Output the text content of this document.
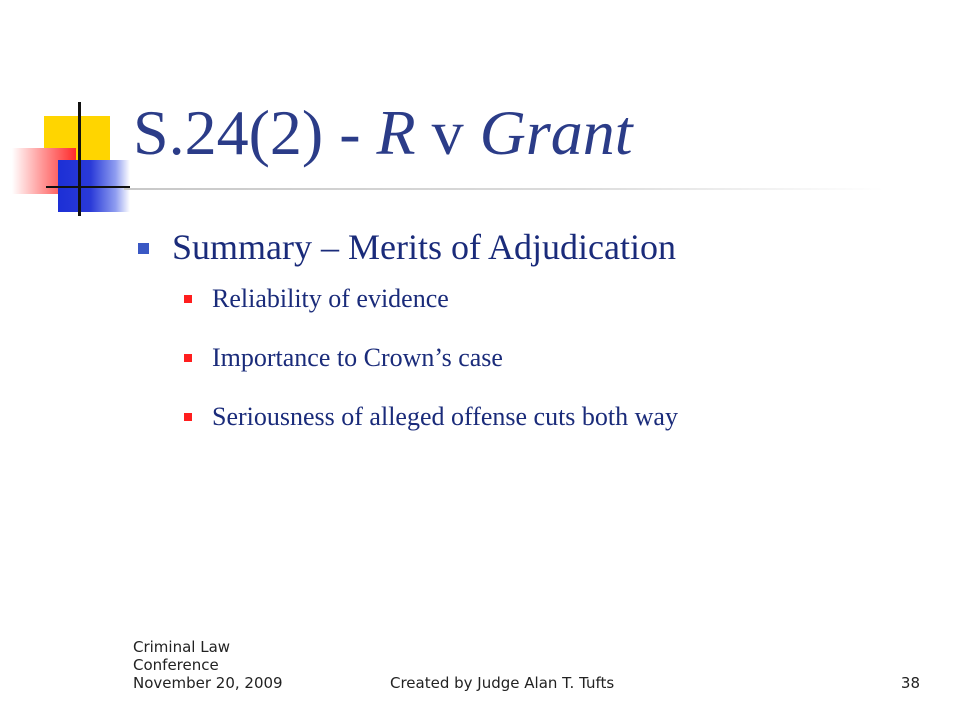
S.24(2) - R v Grant
Summary – Merits of Adjudication
Reliability of evidence
Importance to Crown’s case
Seriousness of alleged offense cuts both way
Criminal Law
Conference
November 20, 2009	Created by Judge Alan T. Tufts	38
